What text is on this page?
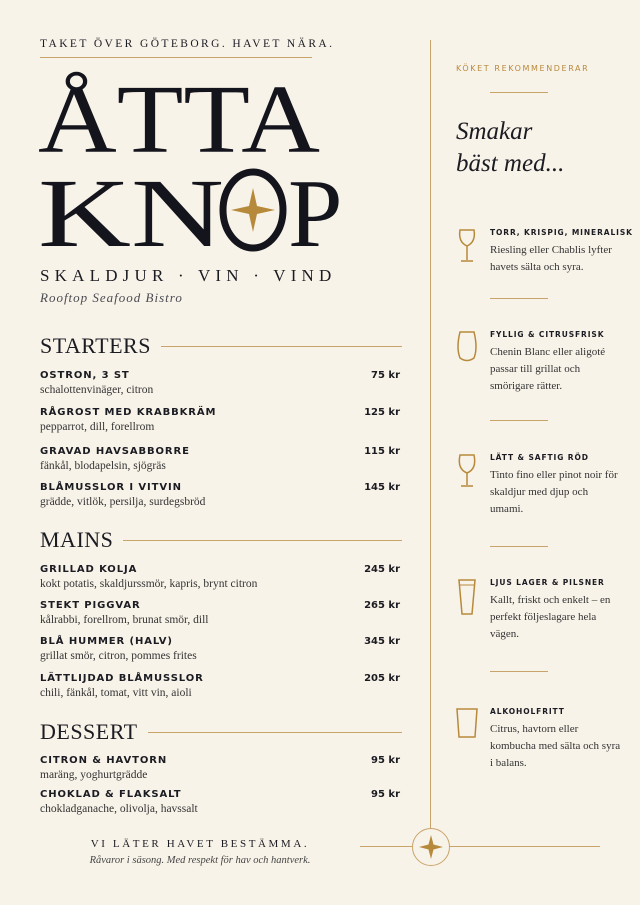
TAKET ÖVER GÖTEBORG. HAVET NÄRA.
ÅTTA
KN P
SKALDJUR · VIN · VIND
Rooftop Seafood Bistro
STARTERS
OSTRON, 3 ST	75 kr
schalottenvinäger, citron
RÅGROST MED KRABBKRÄM	125 kr
pepparrot, dill, forellrom
GRAVAD HAVSABBORRE	115 kr
fänkål, blodapelsin, sjögräs
BLÅMUSSLOR I VITVIN	145 kr
grädde, vitlök, persilja, surdegsbröd
MAINS
GRILLAD KOLJA	245 kr
kokt potatis, skaldjurssmör, kapris, brynt citron
STEKT PIGGVAR	265 kr
kålrabbi, forellrom, brunat smör, dill
BLÅ HUMMER (HALV)	345 kr
grillat smör, citron, pommes frites
LÄTTLIJDAD BLÅMUSSLOR	205 kr
chili, fänkål, tomat, vitt vin, aioli
DESSERT
CITRON & HAVTORN	95 kr
maräng, yoghurtgrädde
CHOKLAD & FLAKSALT	95 kr
chokladganache, olivolja, havssalt
KÖKET REKOMMENDERAR
Smakar
bäst med...
TORR, KRISPIG, MINERALISK
Riesling eller Chablis lyfter havets sälta och syra.
FYLLIG & CITRUSFRISK
Chenin Blanc eller aligoté passar till grillat och smörigare rätter.
LÄTT & SAFTIG RÖD
Tinto fino eller pinot noir för skaldjur med djup och umami.
LJUS LAGER & PILSNER
Kallt, friskt och enkelt – en perfekt följeslagare hela vägen.
ALKOHOLFRITT
Citrus, havtorn eller kombucha med sälta och syra i balans.
VI LÄTER HAVET BESTÄMMA.
Råvaror i säsong. Med respekt för hav och hantverk.
